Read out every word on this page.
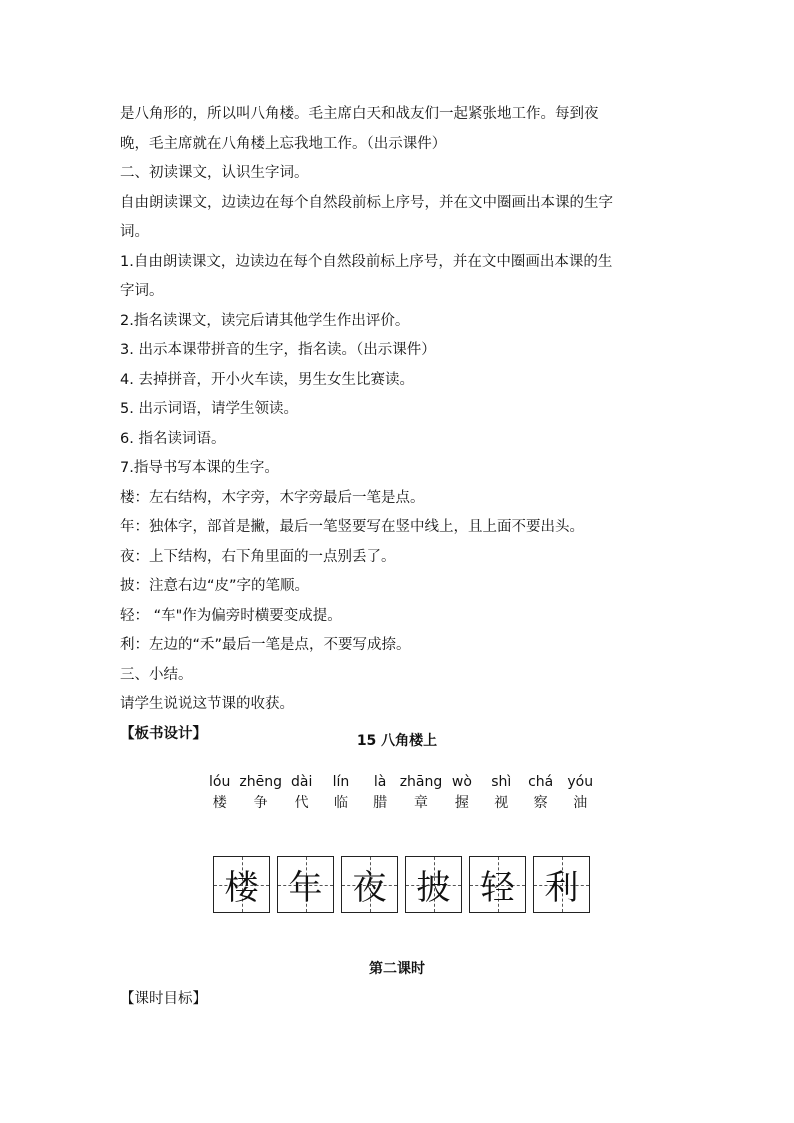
是八角形的，所以叫八角楼。毛主席白天和战友们一起紧张地工作。每到夜
晚，毛主席就在八角楼上忘我地工作。（出示课件）
二、初读课文，认识生字词。
自由朗读课文，边读边在每个自然段前标上序号，并在文中圈画出本课的生字
词。
1.自由朗读课文，边读边在每个自然段前标上序号，并在文中圈画出本课的生
字词。
2.指名读课文，读完后请其他学生作出评价。
3. 出示本课带拼音的生字，指名读。（出示课件）
4. 去掉拼音，开小火车读，男生女生比赛读。
5. 出示词语，请学生领读。
6. 指名读词语。
7.指导书写本课的生字。
楼：左右结构，木字旁，木字旁最后一笔是点。
年：独体字，部首是撇，最后一笔竖要写在竖中线上，且上面不要出头。
夜：上下结构，右下角里面的一点别丢了。
披：注意右边“皮”字的笔顺。
轻： “车"作为偏旁时横要变成提。
利：左边的“禾”最后一笔是点，不要写成捺。
三、小结。
请学生说说这节课的收获。
【板书设计】	15 八角楼上
lóu	zhēng	dài	lín	là	zhāng	wò	shì	chá	yóu
楼	争	代	临	腊	章	握	视	察	油
楼 年 夜 披 轻 利
第二课时
【课时目标】
